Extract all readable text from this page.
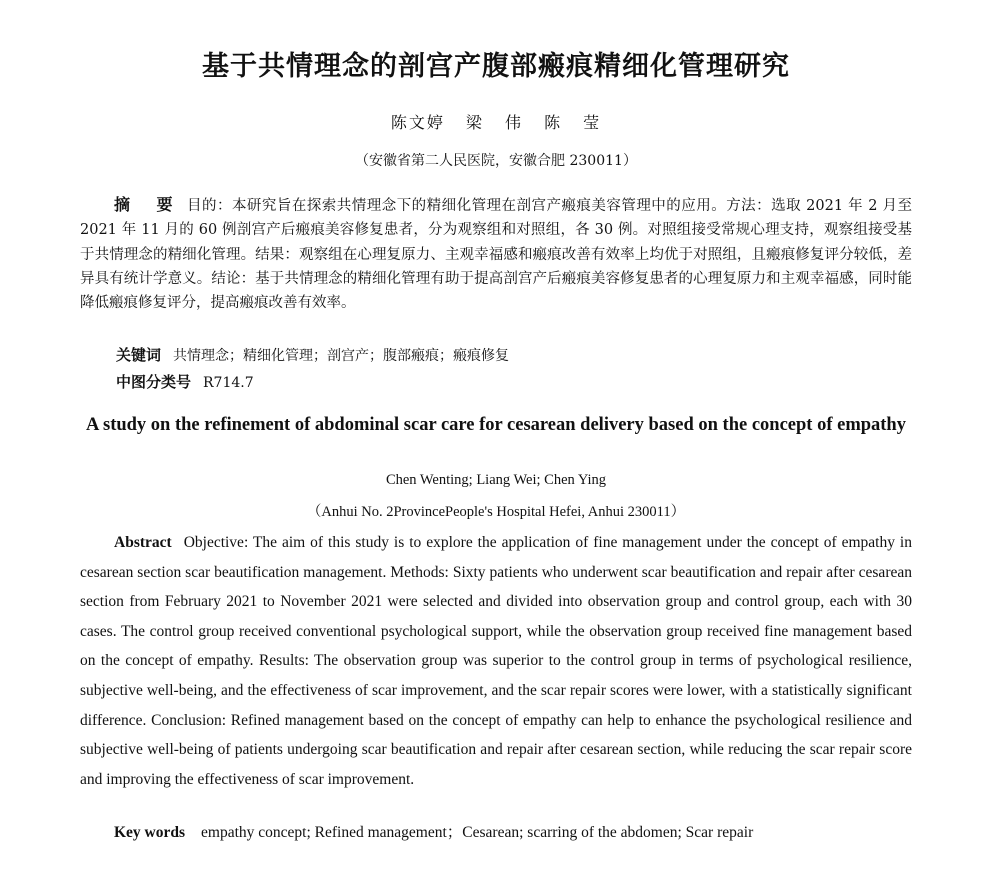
基于共情理念的剖宫产腹部瘢痕精细化管理研究
陈文婷 梁 伟 陈 莹
（安徽省第二人民医院，安徽合肥 230011）
摘 要 目的：本研究旨在探索共情理念下的精细化管理在剖宫产瘢痕美容管理中的应用。方法：选取 2021 年 2 月至 2021 年 11 月的 60 例剖宫产后瘢痕美容修复患者，分为观察组和对照组，各 30 例。对照组接受常规心理支持，观察组接受基于共情理念的精细化管理。结果：观察组在心理复原力、主观幸福感和瘢痕改善有效率上均优于对照组，且瘢痕修复评分较低，差异具有统计学意义。结论：基于共情理念的精细化管理有助于提高剖宫产后瘢痕美容修复患者的心理复原力和主观幸福感，同时能降低瘢痕修复评分，提高瘢痕改善有效率。
关键词 共情理念；精细化管理；剖宫产；腹部瘢痕；瘢痕修复
中图分类号 R714.7
A study on the refinement of abdominal scar care for cesarean delivery based on the concept of empathy
Chen Wenting; Liang Wei; Chen Ying
（Anhui No. 2ProvincePeople's Hospital Hefei, Anhui 230011）
Abstract Objective: The aim of this study is to explore the application of fine management under the concept of empathy in cesarean section scar beautification management. Methods: Sixty patients who underwent scar beautification and repair after cesarean section from February 2021 to November 2021 were selected and divided into observation group and control group, each with 30 cases. The control group received conventional psychological support, while the observation group received fine management based on the concept of empathy. Results: The observation group was superior to the control group in terms of psychological resilience, subjective well-being, and the effectiveness of scar improvement, and the scar repair scores were lower, with a statistically significant difference. Conclusion: Refined management based on the concept of empathy can help to enhance the psychological resilience and subjective well-being of patients undergoing scar beautification and repair after cesarean section, while reducing the scar repair score and improving the effectiveness of scar improvement.
Key words empathy concept; Refined management；Cesarean; scarring of the abdomen; Scar repair
